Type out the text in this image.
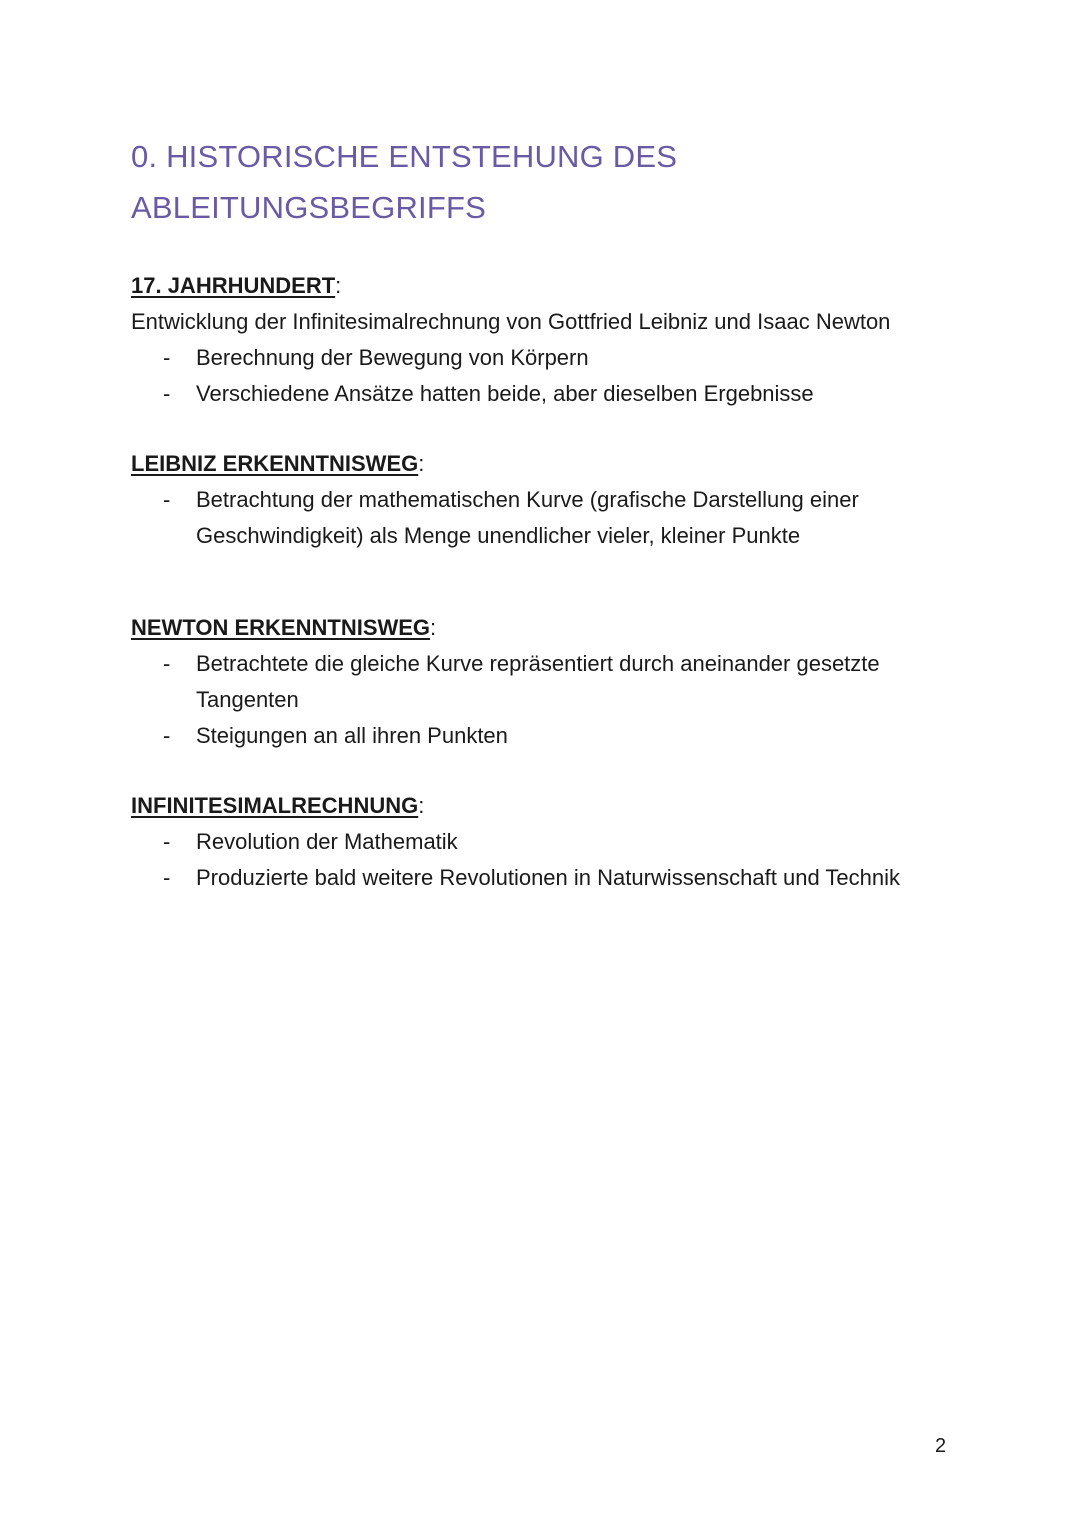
0. HISTORISCHE ENTSTEHUNG DES
ABLEITUNGSBEGRIFFS

17. JAHRHUNDERT:

Entwicklung der Infinitesimalrechnung von Gottfried Leibniz und Isaac Newton

- Berechnung der Bewegung von Körpern
- Verschiedene Ansätze hatten beide, aber dieselben Ergebnisse

LEIBNIZ ERKENNTNISWEG:

- Betrachtung der mathematischen Kurve (grafische Darstellung einer Geschwindigkeit) als Menge unendlicher vieler, kleiner Punkte

NEWTON ERKENNTNISWEG:

- Betrachtete die gleiche Kurve repräsentiert durch aneinander gesetzte Tangenten
- Steigungen an all ihren Punkten

INFINITESIMALRECHNUNG:

- Revolution der Mathematik
- Produzierte bald weitere Revolutionen in Naturwissenschaft und Technik
2
